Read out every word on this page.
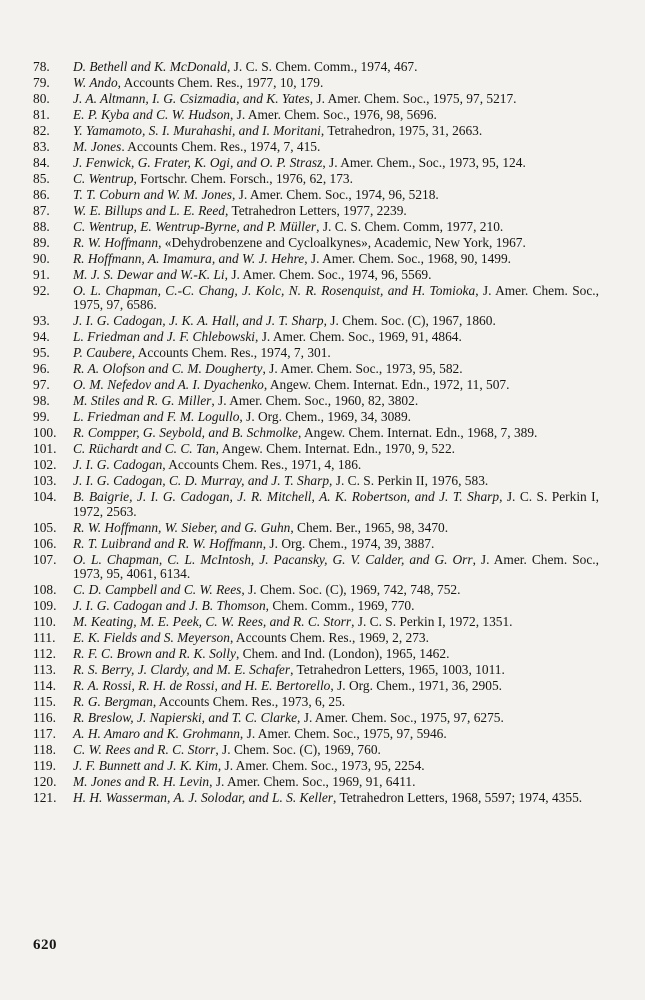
78.	D. Bethell and K. McDonald, J. C. S. Chem. Comm., 1974, 467.
79.	W. Ando, Accounts Chem. Res., 1977, 10, 179.
80.	J. A. Altmann, I. G. Csizmadia, and K. Yates, J. Amer. Chem. Soc., 1975, 97, 5217.
81.	E. P. Kyba and C. W. Hudson, J. Amer. Chem. Soc., 1976, 98, 5696.
82.	Y. Yamamoto, S. I. Murahashi, and I. Moritani, Tetrahedron, 1975, 31, 2663.
83.	M. Jones. Accounts Chem. Res., 1974, 7, 415.
84.	J. Fenwick, G. Frater, K. Ogi, and O. P. Strasz, J. Amer. Chem., Soc., 1973, 95, 124.
85.	C. Wentrup, Fortschr. Chem. Forsch., 1976, 62, 173.
86.	T. T. Coburn and W. M. Jones, J. Amer. Chem. Soc., 1974, 96, 5218.
87.	W. E. Billups and L. E. Reed, Tetrahedron Letters, 1977, 2239.
88.	C. Wentrup, E. Wentrup-Byrne, and P. Müller, J. C. S. Chem. Comm, 1977, 210.
89.	R. W. Hoffmann, «Dehydrobenzene and Cycloalkynes», Academic, New York, 1967.
90.	R. Hoffmann, A. Imamura, and W. J. Hehre, J. Amer. Chem. Soc., 1968, 90, 1499.
91.	M. J. S. Dewar and W.-K. Li, J. Amer. Chem. Soc., 1974, 96, 5569.
92.	O. L. Chapman, C.-C. Chang, J. Kolc, N. R. Rosenquist, and H. Tomioka, J. Amer. Chem. Soc., 1975, 97, 6586.
93.	J. I. G. Cadogan, J. K. A. Hall, and J. T. Sharp, J. Chem. Soc. (C), 1967, 1860.
94.	L. Friedman and J. F. Chlebowski, J. Amer. Chem. Soc., 1969, 91, 4864.
95.	P. Caubere, Accounts Chem. Res., 1974, 7, 301.
96.	R. A. Olofson and C. M. Dougherty, J. Amer. Chem. Soc., 1973, 95, 582.
97.	O. M. Nefedov and A. I. Dyachenko, Angew. Chem. Internat. Edn., 1972, 11, 507.
98.	M. Stiles and R. G. Miller, J. Amer. Chem. Soc., 1960, 82, 3802.
99.	L. Friedman and F. M. Logullo, J. Org. Chem., 1969, 34, 3089.
100.	R. Compper, G. Seybold, and B. Schmolke, Angew. Chem. Internat. Edn., 1968, 7, 389.
101.	C. Rüchardt and C. C. Tan, Angew. Chem. Internat. Edn., 1970, 9, 522.
102.	J. I. G. Cadogan, Accounts Chem. Res., 1971, 4, 186.
103.	J. I. G. Cadogan, C. D. Murray, and J. T. Sharp, J. C. S. Perkin II, 1976, 583.
104.	B. Baigrie, J. I. G. Cadogan, J. R. Mitchell, A. K. Robertson, and J. T. Sharp, J. C. S. Perkin I, 1972, 2563.
105.	R. W. Hoffmann, W. Sieber, and G. Guhn, Chem. Ber., 1965, 98, 3470.
106.	R. T. Luibrand and R. W. Hoffmann, J. Org. Chem., 1974, 39, 3887.
107.	O. L. Chapman, C. L. McIntosh, J. Pacansky, G. V. Calder, and G. Orr, J. Amer. Chem. Soc., 1973, 95, 4061, 6134.
108.	C. D. Campbell and C. W. Rees, J. Chem. Soc. (C), 1969, 742, 748, 752.
109.	J. I. G. Cadogan and J. B. Thomson, Chem. Comm., 1969, 770.
110.	M. Keating, M. E. Peek, C. W. Rees, and R. C. Storr, J. C. S. Perkin I, 1972, 1351.
111.	E. K. Fields and S. Meyerson, Accounts Chem. Res., 1969, 2, 273.
112.	R. F. C. Brown and R. K. Solly, Chem. and Ind. (London), 1965, 1462.
113.	R. S. Berry, J. Clardy, and M. E. Schafer, Tetrahedron Letters, 1965, 1003, 1011.
114.	R. A. Rossi, R. H. de Rossi, and H. E. Bertorello, J. Org. Chem., 1971, 36, 2905.
115.	R. G. Bergman, Accounts Chem. Res., 1973, 6, 25.
116.	R. Breslow, J. Napierski, and T. C. Clarke, J. Amer. Chem. Soc., 1975, 97, 6275.
117.	A. H. Amaro and K. Grohmann, J. Amer. Chem. Soc., 1975, 97, 5946.
118.	C. W. Rees and R. C. Storr, J. Chem. Soc. (C), 1969, 760.
119.	J. F. Bunnett and J. K. Kim, J. Amer. Chem. Soc., 1973, 95, 2254.
120.	M. Jones and R. H. Levin, J. Amer. Chem. Soc., 1969, 91, 6411.
121.	H. H. Wasserman, A. J. Solodar, and L. S. Keller, Tetrahedron Letters, 1968, 5597; 1974, 4355.
620
